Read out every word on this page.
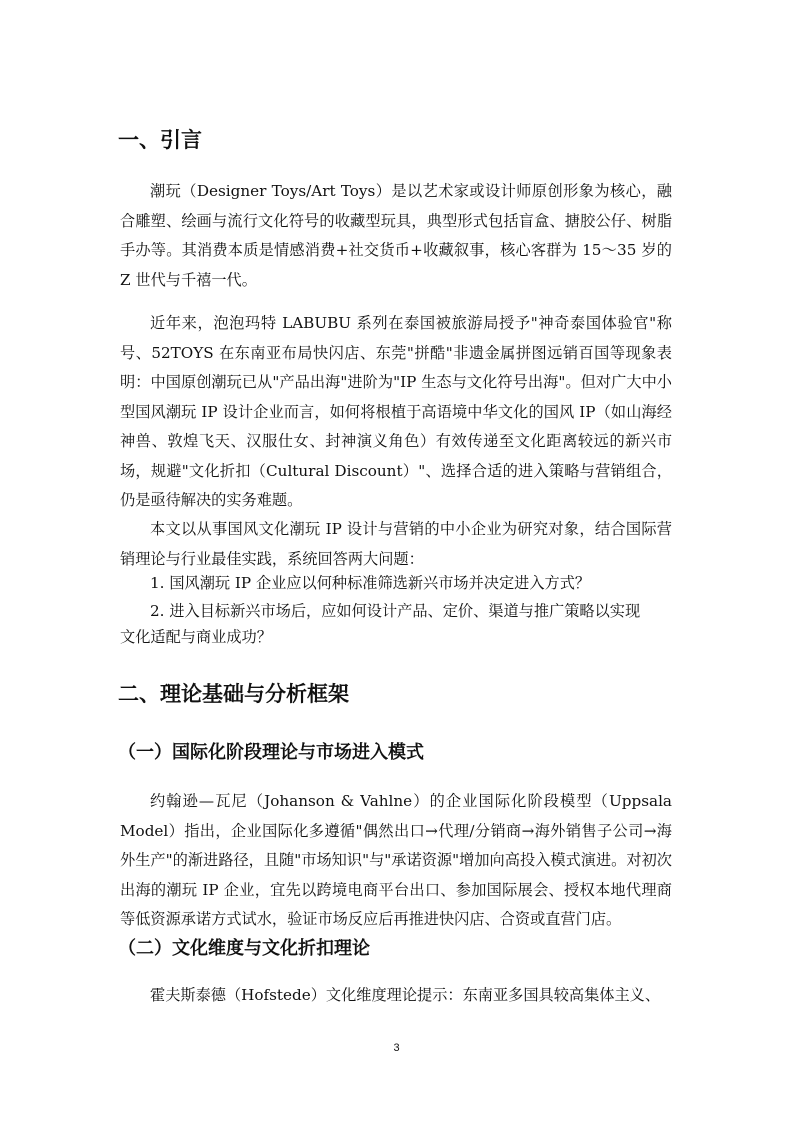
一、引言

潮玩（Designer Toys/Art Toys）是以艺术家或设计师原创形象为核心，融合雕塑、绘画与流行文化符号的收藏型玩具，典型形式包括盲盒、搪胶公仔、树脂手办等。其消费本质是情感消费+社交货币+收藏叙事，核心客群为 15～35 岁的 Z 世代与千禧一代。

近年来，泡泡玛特 LABUBU 系列在泰国被旅游局授予"神奇泰国体验官"称号、52TOYS 在东南亚布局快闪店、东莞"拼酷"非遗金属拼图远销百国等现象表明：中国原创潮玩已从"产品出海"进阶为"IP 生态与文化符号出海"。但对广大中小型国风潮玩 IP 设计企业而言，如何将根植于高语境中华文化的国风 IP（如山海经神兽、敦煌飞天、汉服仕女、封神演义角色）有效传递至文化距离较远的新兴市场，规避"文化折扣（Cultural Discount）"、选择合适的进入策略与营销组合，仍是亟待解决的实务难题。

本文以从事国风文化潮玩 IP 设计与营销的中小企业为研究对象，结合国际营销理论与行业最佳实践，系统回答两大问题：

1. 国风潮玩 IP 企业应以何种标准筛选新兴市场并决定进入方式？

2. 进入目标新兴市场后，应如何设计产品、定价、渠道与推广策略以实现

文化适配与商业成功？

二、理论基础与分析框架
（一）国际化阶段理论与市场进入模式

约翰逊—瓦尼（Johanson & Vahlne）的企业国际化阶段模型（Uppsala Model）指出，企业国际化多遵循"偶然出口→代理/分销商→海外销售子公司→海外生产"的渐进路径，且随"市场知识"与"承诺资源"增加向高投入模式演进。对初次出海的潮玩 IP 企业，宜先以跨境电商平台出口、参加国际展会、授权本地代理商等低资源承诺方式试水，验证市场反应后再推进快闪店、合资或直营门店。

（二）文化维度与文化折扣理论

霍夫斯泰德（Hofstede）文化维度理论提示：东南亚多国具较高集体主义、

3
